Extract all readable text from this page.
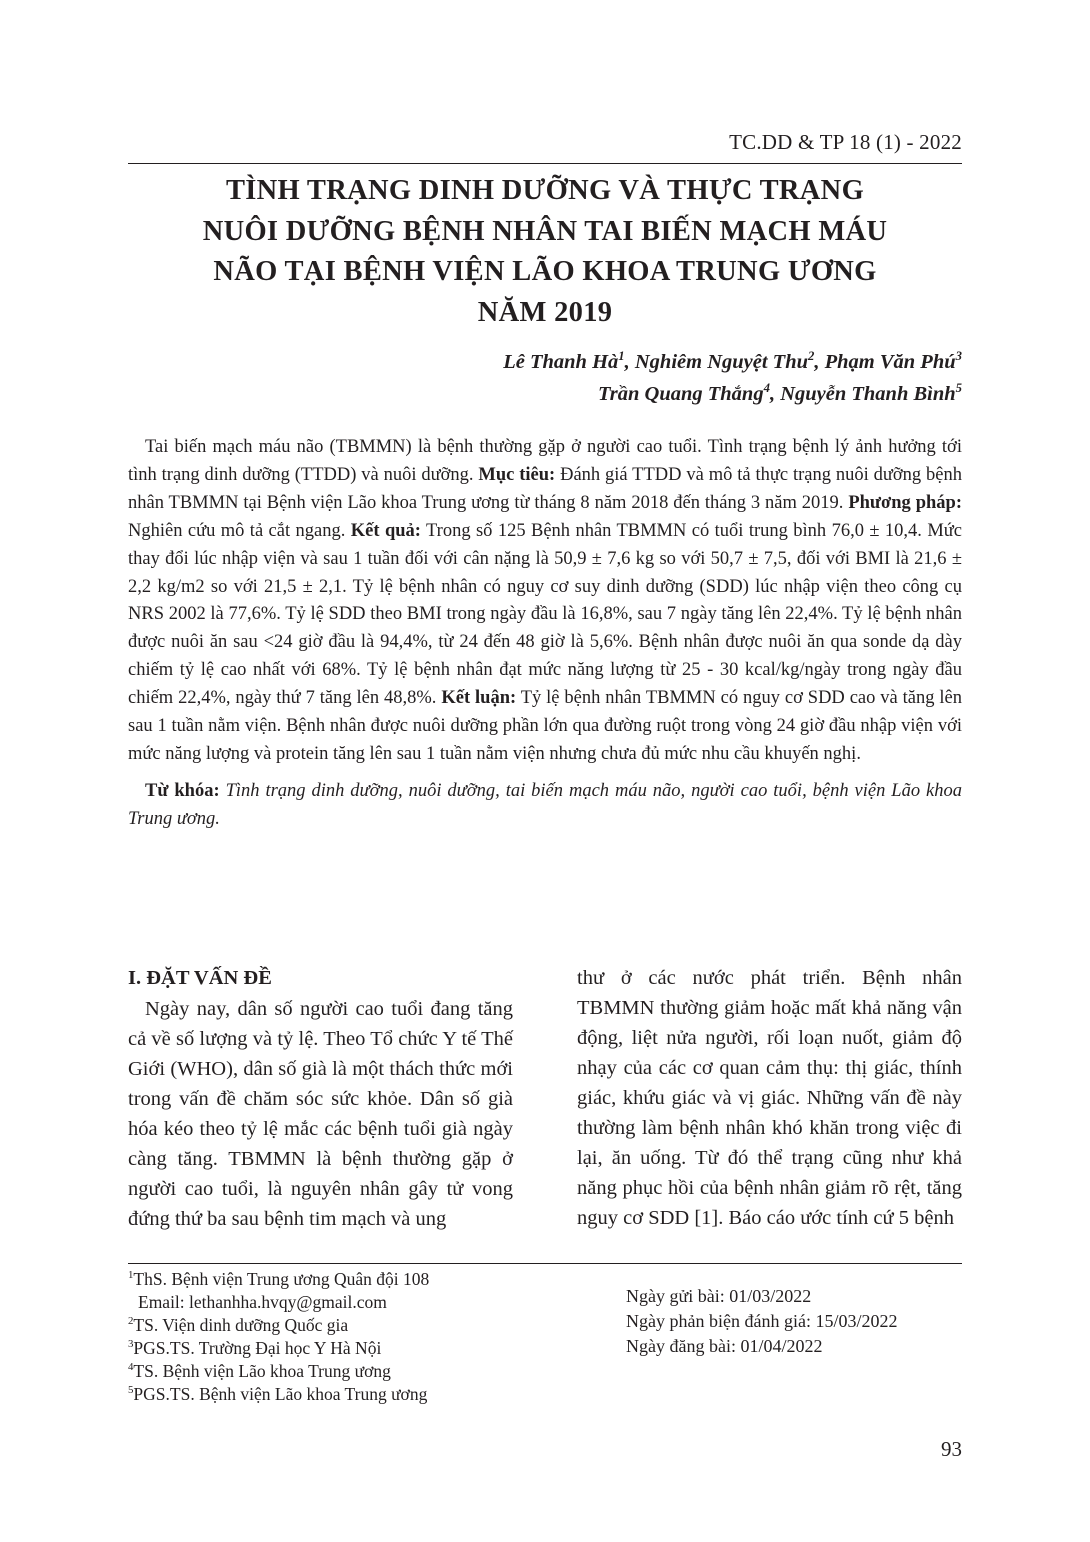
TC.DD & TP 18 (1) - 2022
TÌNH TRẠNG DINH DƯỠNG VÀ THỰC TRẠNG
NUÔI DƯỠNG BỆNH NHÂN TAI BIẾN MẠCH MÁU
NÃO TẠI BỆNH VIỆN LÃO KHOA TRUNG ƯƠNG
NĂM 2019
Lê Thanh $Hà^1$, Nghiêm Nguyệt Thu$^2$, Phạm Văn Phú$^3$
Trần Quang Thắng$^4$, Nguyễn Thanh Bình$^5$

Tai biến mạch máu não (TBMMN) là bệnh thường gặp ở người cao tuổi. Tình trạng bệnh lý ảnh hưởng tới tình trạng dinh dưỡng (TTDD) và nuôi dưỡng. Mục tiêu: Đánh giá TTDD và mô tả thực trạng nuôi dưỡng bệnh nhân TBMMN tại Bệnh viện Lão khoa Trung ương từ tháng 8 năm 2018 đến tháng 3 năm 2019. Phương pháp: Nghiên cứu mô tả cắt ngang. Kết quả: Trong số 125 Bệnh nhân TBMMN có tuổi trung bình 76,0 ± 10,4. Mức thay đổi lúc nhập viện và sau 1 tuần đối với cân nặng là 50,9 ± 7,6 kg so với 50,7 ± 7,5, đối với BMI là 21,6 ± 2,2 kg/m2 so với 21,5 ± 2,1. Tỷ lệ bệnh nhân có nguy cơ suy dinh dưỡng (SDD) lúc nhập viện theo công cụ NRS 2002 là 77,6%. Tỷ lệ SDD theo BMI trong ngày đầu là 16,8%, sau 7 ngày tăng lên 22,4%. Tỷ lệ bệnh nhân được nuôi ăn sau <24 giờ đầu là 94,4%, từ 24 đến 48 giờ là 5,6%. Bệnh nhân được nuôi ăn qua sonde dạ dày chiếm tỷ lệ cao nhất với 68%. Tỷ lệ bệnh nhân đạt mức năng lượng từ 25 - 30 kcal/kg/ngày trong ngày đầu chiếm 22,4%, ngày thứ 7 tăng lên 48,8%. Kết luận: Tỷ lệ bệnh nhân TBMMN có nguy cơ SDD cao và tăng lên sau 1 tuần nằm viện. Bệnh nhân được nuôi dưỡng phần lớn qua đường ruột trong vòng 24 giờ đầu nhập viện với mức năng lượng và protein tăng lên sau 1 tuần nằm viện nhưng chưa đủ mức nhu cầu khuyến nghị.

Từ khóa: Tình trạng dinh dưỡng, nuôi dưỡng, tai biến mạch máu não, người cao tuổi, bệnh viện Lão khoa Trung ương.

I. ĐẶT VẤN ĐỀ

Ngày nay, dân số người cao tuổi đang tăng cả về số lượng và tỷ lệ. Theo Tổ chức Y tế Thế Giới (WHO), dân số già là một thách thức mới trong vấn đề chăm sóc sức khỏe. Dân số già hóa kéo theo tỷ lệ mắc các bệnh tuổi già ngày càng tăng. TBMMN là bệnh thường gặp ở người cao tuổi, là nguyên nhân gây tử vong đứng thứ ba sau bệnh tim mạch và ung

thư ở các nước phát triển. Bệnh nhân TBMMN thường giảm hoặc mất khả năng vận động, liệt nửa người, rối loạn nuốt, giảm độ nhạy của các cơ quan cảm thụ: thị giác, thính giác, khứu giác và vị giác. Những vấn đề này thường làm bệnh nhân khó khăn trong việc đi lại, ăn uống. Từ đó thể trạng cũng như khả năng phục hồi của bệnh nhân giảm rõ rệt, tăng nguy cơ SDD [1]. Báo cáo ước tính cứ 5 bệnh

$^1$ThS. Bệnh viện Trung ương Quân đội 108
Email: lethanhha.hvqy@gmail.com
$^2$TS. Viện dinh dưỡng Quốc gia
$^3$PGS.TS. Trường Đại học Y Hà Nội
$^4$TS. Bệnh viện Lão khoa Trung ương
$^5$PGS.TS. Bệnh viện Lão khoa Trung ương
Ngày gửi bài: 01/03/2022
Ngày phản biện đánh giá: 15/03/2022
Ngày đăng bài: 01/04/2022
93
